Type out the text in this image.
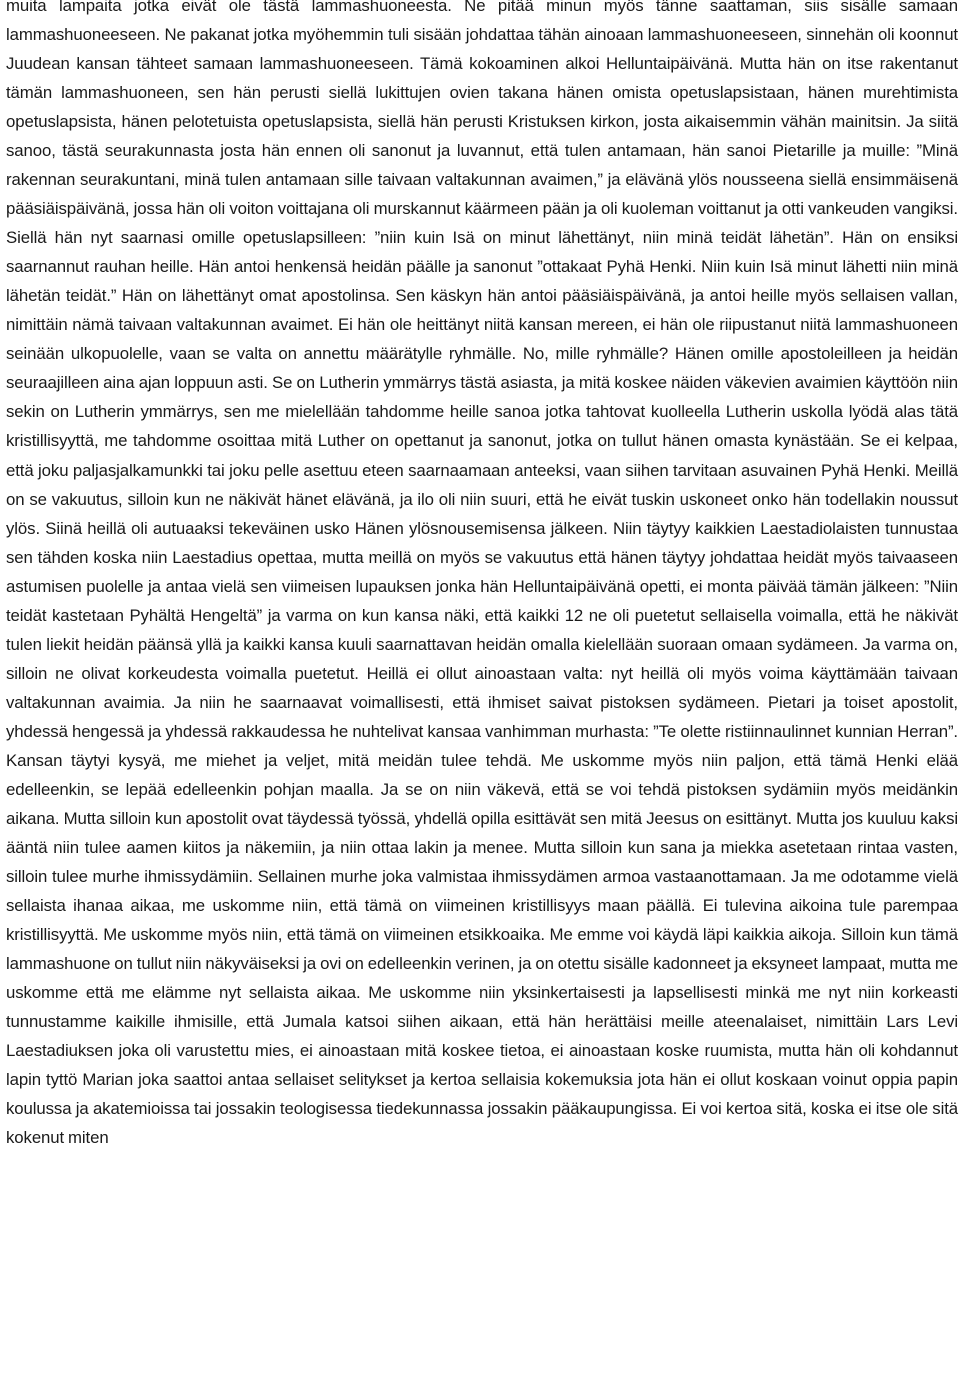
muita lampaita jotka eivät ole tästä lammashuoneesta. Ne pitää minun myös tänne saattaman, siis sisälle samaan lammashuoneeseen. Ne pakanat jotka myöhemmin tuli sisään johdattaa tähän ainoaan lammashuoneeseen, sinnehän oli koonnut Juudean kansan tähteet samaan lammashuoneeseen. Tämä kokoaminen alkoi Helluntaipäivänä. Mutta hän on itse rakentanut tämän lammashuoneen, sen hän perusti siellä lukittujen ovien takana hänen omista opetuslapsistaan, hänen murehtimista opetuslapsista, hänen pelotetuista opetuslapsista, siellä hän perusti Kristuksen kirkon, josta aikaisemmin vähän mainitsin. Ja siitä sanoo, tästä seurakunnasta josta hän ennen oli sanonut ja luvannut, että tulen antamaan, hän sanoi Pietarille ja muille: ”Minä rakennan seurakuntani, minä tulen antamaan sille taivaan valtakunnan avaimen,” ja elävänä ylös nousseena siellä ensimmäisenä pääsiäispäivänä, jossa hän oli voiton voittajana oli murskannut käärmeen pään ja oli kuoleman voittanut ja otti vankeuden vangiksi. Siellä hän nyt saarnasi omille opetuslapsilleen: ”niin kuin Isä on minut lähettänyt, niin minä teidät lähetän”. Hän on ensiksi saarnannut rauhan heille. Hän antoi henkensä heidän päälle ja sanonut ”ottakaat Pyhä Henki. Niin kuin Isä minut lähetti niin minä lähetän teidät.” Hän on lähettänyt omat apostolinsa. Sen käskyn hän antoi pääsiäispäivänä, ja antoi heille myös sellaisen vallan, nimittäin nämä taivaan valtakunnan avaimet. Ei hän ole heittänyt niitä kansan mereen, ei hän ole riipustanut niitä lammashuoneen seinään ulkopuolelle, vaan se valta on annettu määrätylle ryhmälle. No, mille ryhmälle? Hänen omille apostoleilleen ja heidän seuraajilleen aina ajan loppuun asti. Se on Lutherin ymmärrys tästä asiasta, ja mitä koskee näiden väkevien avaimien käyttöön niin sekin on Lutherin ymmärrys, sen me mielellään tahdomme heille sanoa jotka tahtovat kuolleella Lutherin uskolla lyödä alas tätä kristillisyyttä, me tahdomme osoittaa mitä Luther on opettanut ja sanonut, jotka on tullut hänen omasta kynästään. Se ei kelpaa, että joku paljasjalkamunkki tai joku pelle asettuu eteen saarnaamaan anteeksi, vaan siihen tarvitaan asuvainen Pyhä Henki. Meillä on se vakuutus, silloin kun ne näkivät hänet elävänä, ja ilo oli niin suuri, että he eivät tuskin uskoneet onko hän todellakin noussut ylös. Siinä heillä oli autuaaksi tekeväinen usko Hänen ylösnousemisensa jälkeen. Niin täytyy kaikkien Laestadiolaisten tunnustaa sen tähden koska niin Laestadius opettaa, mutta meillä on myös se vakuutus että hänen täytyy johdattaa heidät myös taivaaseen astumisen puolelle ja antaa vielä sen viimeisen lupauksen jonka hän Helluntaipäivänä opetti, ei monta päivää tämän jälkeen: ”Niin teidät kastetaan Pyhältä Hengeltä” ja varma on kun kansa näki, että kaikki 12 ne oli puetetut sellaisella voimalla, että he näkivät tulen liekit heidän päänsä yllä ja kaikki kansa kuuli saarnattavan heidän omalla kielellään suoraan omaan sydämeen. Ja varma on, silloin ne olivat korkeudesta voimalla puetetut. Heillä ei ollut ainoastaan valta: nyt heillä oli myös voima käyttämään taivaan valtakunnan avaimia. Ja niin he saarnaavat voimallisesti, että ihmiset saivat pistoksen sydämeen. Pietari ja toiset apostolit, yhdessä hengessä ja yhdessä rakkaudessa he nuhtelivat kansaa vanhimman murhasta: ”Te olette ristiinnaulinnet kunnian Herran”. Kansan täytyi kysyä, me miehet ja veljet, mitä meidän tulee tehdä. Me uskomme myös niin paljon, että tämä Henki elää edelleenkin, se lepää edelleenkin pohjan maalla. Ja se on niin väkevä, että se voi tehdä pistoksen sydämiin myös meidänkin aikana. Mutta silloin kun apostolit ovat täydessä työssä, yhdellä opilla esittävät sen mitä Jeesus on esittänyt. Mutta jos kuuluu kaksi ääntä niin tulee aamen kiitos ja näkemiin, ja niin ottaa lakin ja menee. Mutta silloin kun sana ja miekka asetetaan rintaa vasten, silloin tulee murhe ihmissydämiin. Sellainen murhe joka valmistaa ihmissydämen armoa vastaanottamaan. Ja me odotamme vielä sellaista ihanaa aikaa, me uskomme niin, että tämä on viimeinen kristillisyys maan päällä. Ei tulevina aikoina tule parempaa kristillisyyttä. Me uskomme myös niin, että tämä on viimeinen etsikkoaika. Me emme voi käydä läpi kaikkia aikoja. Silloin kun tämä lammashuone on tullut niin näkyväiseksi ja ovi on edelleenkin verinen, ja on otettu sisälle kadonneet ja eksyneet lampaat, mutta me uskomme että me elämme nyt sellaista aikaa. Me uskomme niin yksinkertaisesti ja lapsellisesti minkä me nyt niin korkeasti tunnustamme kaikille ihmisille, että Jumala katsoi siihen aikaan, että hän herättäisi meille ateenalaiset, nimittäin Lars Levi Laestadiuksen joka oli varustettu mies, ei ainoastaan mitä koskee tietoa, ei ainoastaan koske ruumista, mutta hän oli kohdannut lapin tyttö Marian joka saattoi antaa sellaiset selitykset ja kertoa sellaisia kokemuksia jota hän ei ollut koskaan voinut oppia papin koulussa ja akatemioissa tai jossakin teologisessa tiedekunnassa jossakin pääkaupungissa. Ei voi kertoa sitä, koska ei itse ole sitä kokenut miten
